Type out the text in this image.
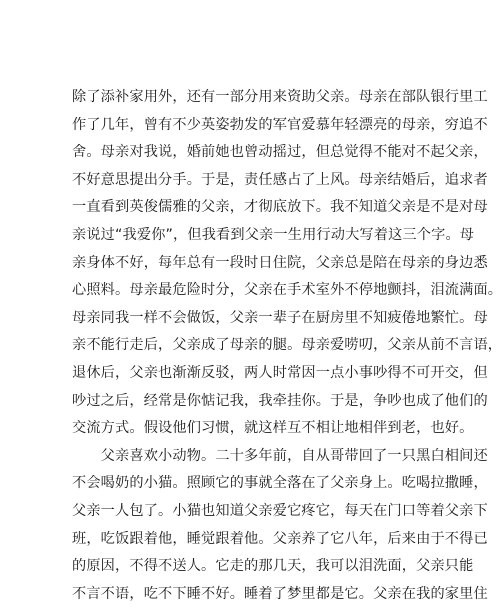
除了添补家用外，还有一部分用来资助父亲。母亲在部队银行里工
作了几年，曾有不少英姿勃发的军官爱慕年轻漂亮的母亲，穷追不
舍。母亲对我说，婚前她也曾动摇过，但总觉得不能对不起父亲，
不好意思提出分手。于是，责任感占了上风。母亲结婚后，追求者
一直看到英俊儒雅的父亲，才彻底放下。我不知道父亲是不是对母
亲说过“我爱你”，但我看到父亲一生用行动大写着这三个字。母
亲身体不好，每年总有一段时日住院，父亲总是陪在母亲的身边悉
心照料。母亲最危险时分，父亲在手术室外不停地颤抖，泪流满面。
母亲同我一样不会做饭，父亲一辈子在厨房里不知疲倦地繁忙。母
亲不能行走后，父亲成了母亲的腿。母亲爱唠叨，父亲从前不言语，
退休后，父亲也渐渐反驳，两人时常因一点小事吵得不可开交，但
吵过之后，经常是你惦记我，我牵挂你。于是，争吵也成了他们的
交流方式。假设他们习惯，就这样互不相让地相伴到老，也好。
　　父亲喜欢小动物。二十多年前，自从哥带回了一只黑白相间还
不会喝奶的小猫。照顾它的事就全落在了父亲身上。吃喝拉撒睡，
父亲一人包了。小猫也知道父亲爱它疼它，每天在门口等着父亲下
班，吃饭跟着他，睡觉跟着他。父亲养了它八年，后来由于不得已
的原因，不得不送人。它走的那几天，我可以泪洗面，父亲只能
不言不语，吃不下睡不好。睡着了梦里都是它。父亲在我的家里住
